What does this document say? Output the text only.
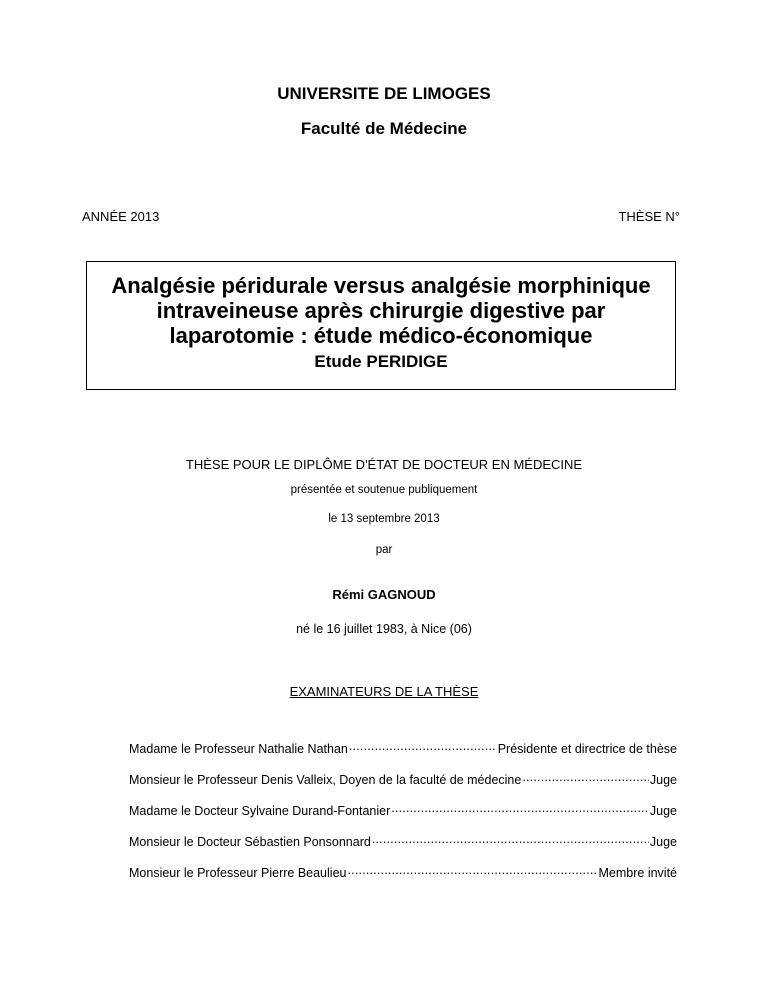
UNIVERSITE DE LIMOGES
Faculté de Médecine
ANNÉE 2013	THÈSE N°
Analgésie péridurale versus analgésie morphinique
intraveineuse après chirurgie digestive par
laparotomie : étude médico-économique
Etude PERIDIGE
THÈSE POUR LE DIPLÔME D'ÉTAT DE DOCTEUR EN MÉDECINE
présentée et soutenue publiquement
le 13 septembre 2013
par
Rémi GAGNOUD
né le 16 juillet 1983, à Nice (06)
EXAMINATEURS DE LA THÈSE
Madame le Professeur Nathalie Nathan .....	Présidente et directrice de thèse
Monsieur le Professeur Denis Valleix, Doyen de la faculté de médecine .....	Juge
Madame le Docteur Sylvaine Durand-Fontanier .....	Juge
Monsieur le Docteur Sébastien Ponsonnard .....	Juge
Monsieur le Professeur Pierre Beaulieu .....	Membre invité
